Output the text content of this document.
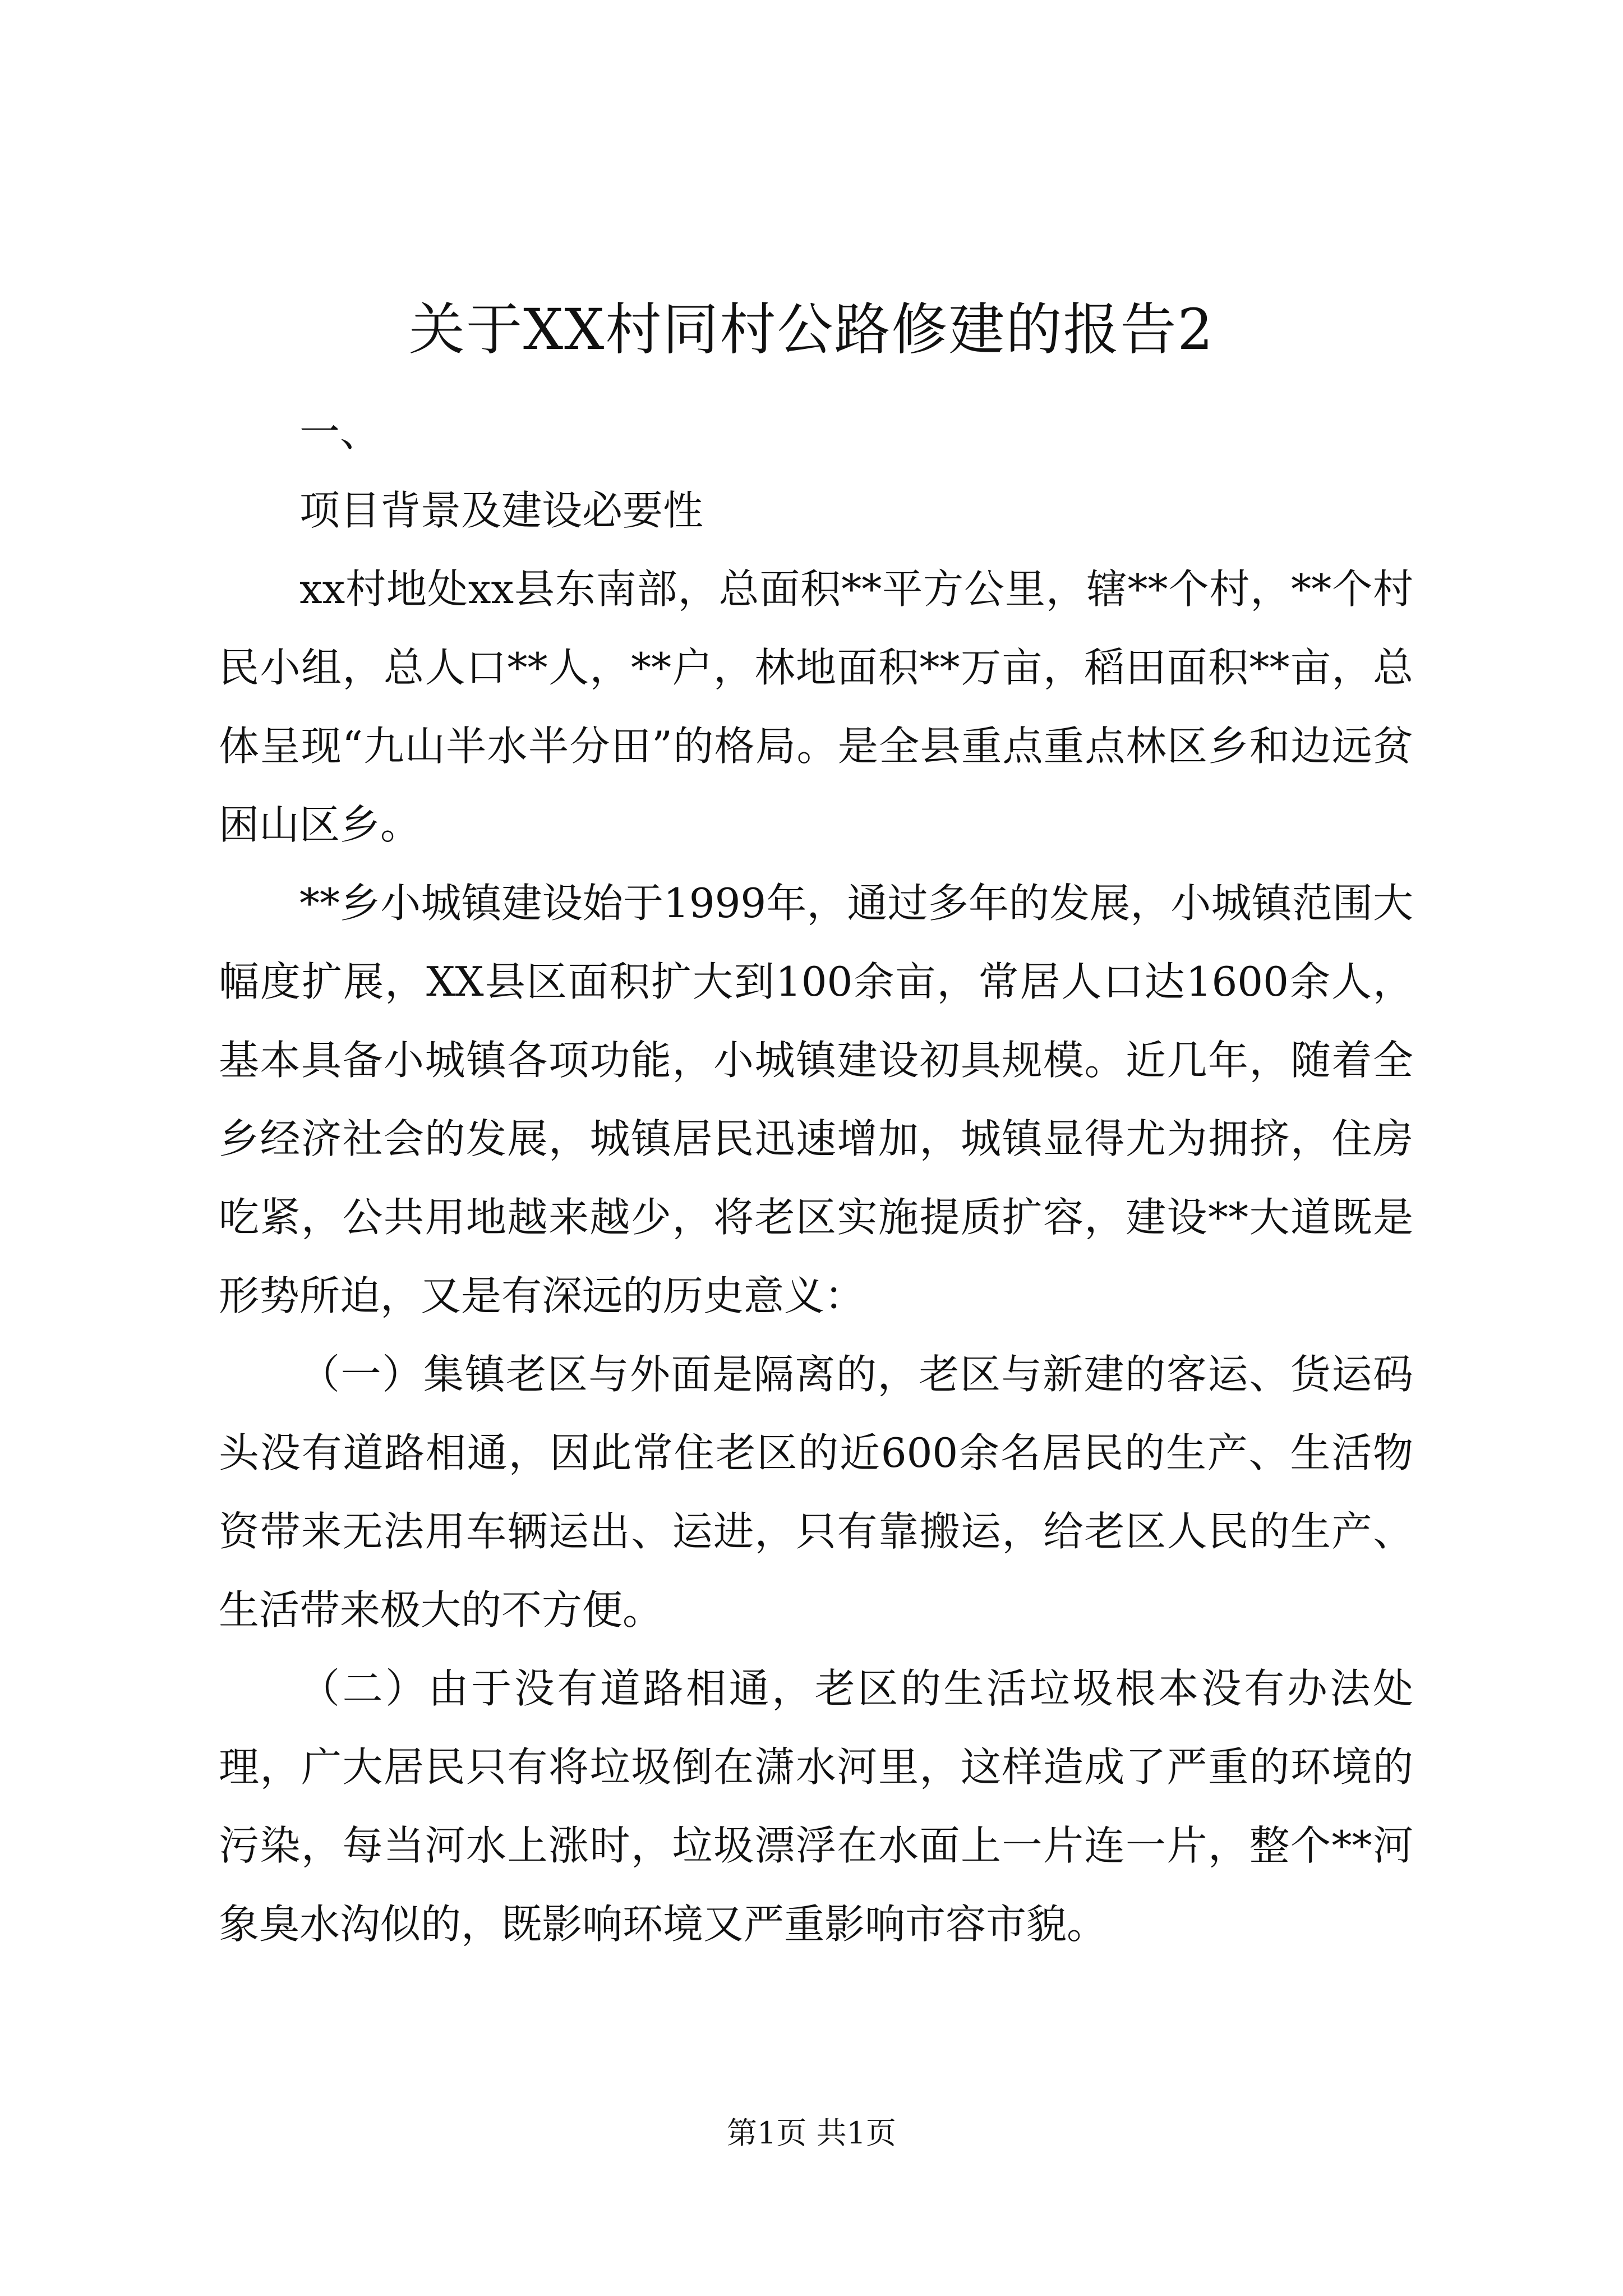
关于XX村同村公路修建的报告2

一、

项目背景及建设必要性

xx村地处xx县东南部，总面积**平方公里，辖**个村，**个村民小组，总人口**人，**户，林地面积**万亩，稻田面积**亩，总体呈现“九山半水半分田”的格局。是全县重点重点林区乡和边远贫困山区乡。

**乡小城镇建设始于1999年，通过多年的发展，小城镇范围大幅度扩展，XX县区面积扩大到100余亩，常居人口达1600余人，基本具备小城镇各项功能，小城镇建设初具规模。近几年，随着全乡经济社会的发展，城镇居民迅速增加，城镇显得尤为拥挤，住房吃紧，公共用地越来越少，将老区实施提质扩容，建设**大道既是形势所迫，又是有深远的历史意义：

（一）集镇老区与外面是隔离的，老区与新建的客运、货运码头没有道路相通，因此常住老区的近600余名居民的生产、生活物资带来无法用车辆运出、运进，只有靠搬运，给老区人民的生产、生活带来极大的不方便。

（二）由于没有道路相通，老区的生活垃圾根本没有办法处理，广大居民只有将垃圾倒在潇水河里，这样造成了严重的环境的污染，每当河水上涨时，垃圾漂浮在水面上一片连一片，整个**河象臭水沟似的，既影响环境又严重影响市容市貌。

第1页 共1页
